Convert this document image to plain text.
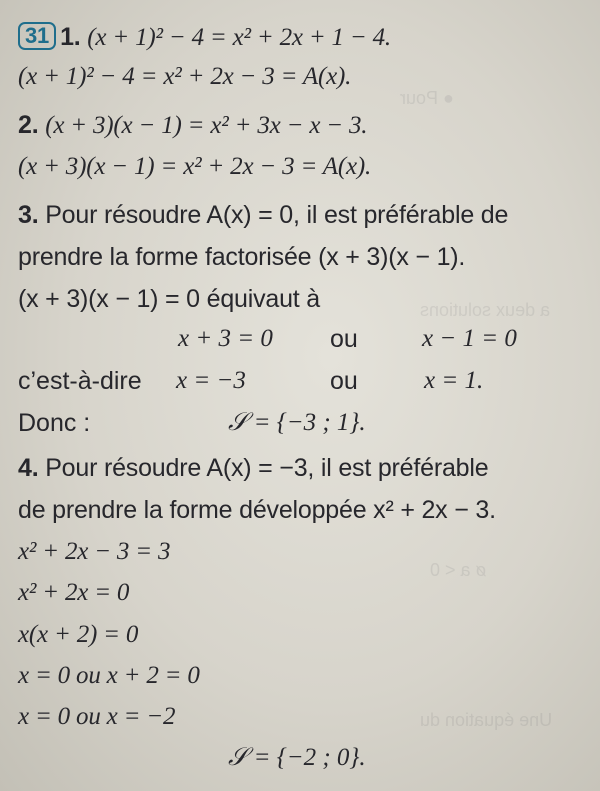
● Pour
a deux solutions
ø a < 0
Une équation du
31 1. (x + 1)² − 4 = x² + 2x + 1 − 4.
(x + 1)² − 4 = x² + 2x − 3 = A(x).
2. (x + 3)(x − 1) = x² + 3x − x − 3.
(x + 3)(x − 1) = x² + 2x − 3 = A(x).
3. Pour résoudre A(x) = 0, il est préférable de
prendre la forme factorisée (x + 3)(x − 1).
(x + 3)(x − 1) = 0 équivaut à
x + 3 = 0 ou	x − 1 = 0
c’est-à-dire x = −3	ou	x = 1.
Donc :	𝒮 = {−3 ; 1}.
4. Pour résoudre A(x) = −3, il est préférable
de prendre la forme développée x² + 2x − 3.
x² + 2x − 3 = 3
x² + 2x = 0
x(x + 2) = 0
x = 0 ou x + 2 = 0
x = 0 ou x = −2
𝒮 = {−2 ; 0}.
